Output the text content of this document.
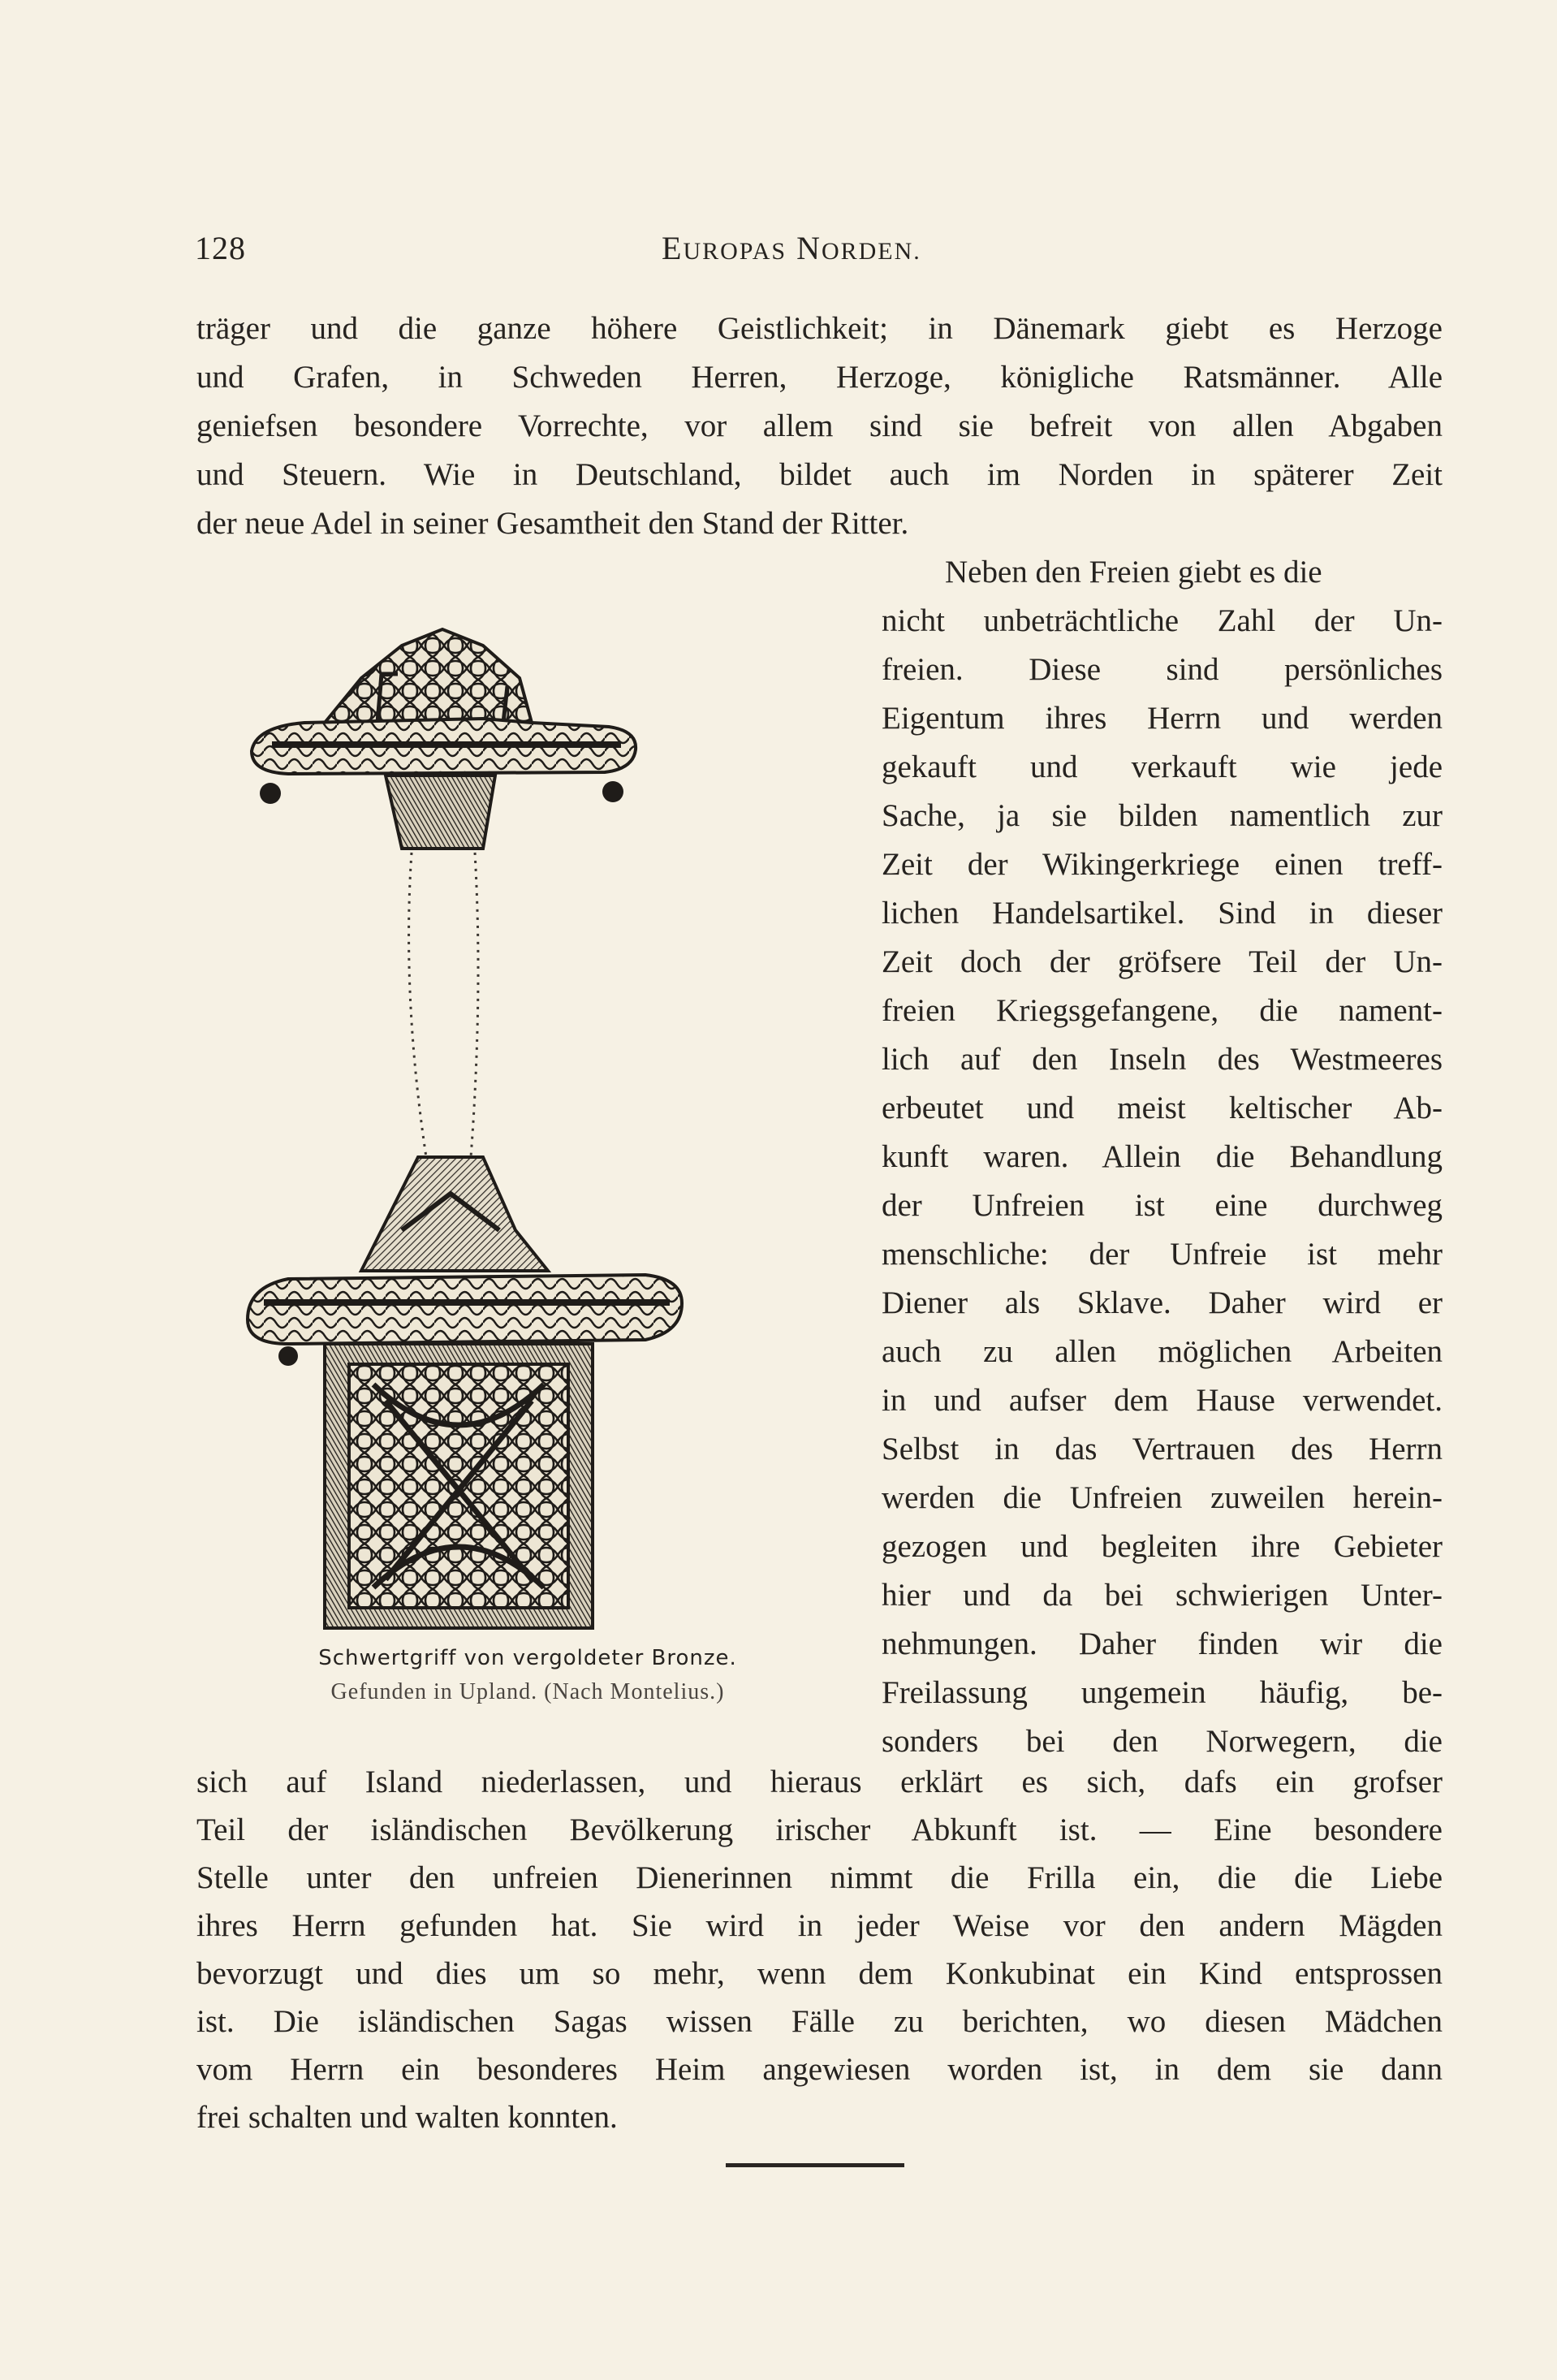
128	EUROPAS NORDEN.
träger und die ganze höhere Geistlichkeit; in Dänemark giebt es Herzoge
und Grafen, in Schweden Herren, Herzoge, königliche Ratsmänner. Alle
geniefsen besondere Vorrechte, vor allem sind sie befreit von allen Abgaben
und Steuern. Wie in Deutschland, bildet auch im Norden in späterer Zeit
der neue Adel in seiner Gesamtheit den Stand der Ritter.
Neben den Freien giebt es die
nicht unbeträchtliche Zahl der Un-
freien. Diese sind persönliches
Eigentum ihres Herrn und werden
gekauft und verkauft wie jede
Sache, ja sie bilden namentlich zur
Zeit der Wikingerkriege einen treff-
lichen Handelsartikel. Sind in dieser
Zeit doch der gröfsere Teil der Un-
freien Kriegsgefangene, die nament-
lich auf den Inseln des Westmeeres
erbeutet und meist keltischer Ab-
kunft waren. Allein die Behandlung
der Unfreien ist eine durchweg
menschliche: der Unfreie ist mehr
Diener als Sklave. Daher wird er
auch zu allen möglichen Arbeiten
in und aufser dem Hause verwendet.
Selbst in das Vertrauen des Herrn
werden die Unfreien zuweilen herein-
gezogen und begleiten ihre Gebieter
hier und da bei schwierigen Unter-
nehmungen. Daher finden wir die
Freilassung ungemein häufig, be-
sonders bei den Norwegern, die
sich auf Island niederlassen, und hieraus erklärt es sich, dafs ein grofser
Teil der isländischen Bevölkerung irischer Abkunft ist. — Eine besondere
Stelle unter den unfreien Dienerinnen nimmt die Frilla ein, die die Liebe
ihres Herrn gefunden hat. Sie wird in jeder Weise vor den andern Mägden
bevorzugt und dies um so mehr, wenn dem Konkubinat ein Kind entsprossen
ist. Die isländischen Sagas wissen Fälle zu berichten, wo diesen Mädchen
vom Herrn ein besonderes Heim angewiesen worden ist, in dem sie dann
frei schalten und walten konnten.
Schwertgriff von vergoldeter Bronze.
Gefunden in Upland. (Nach Montelius.)
